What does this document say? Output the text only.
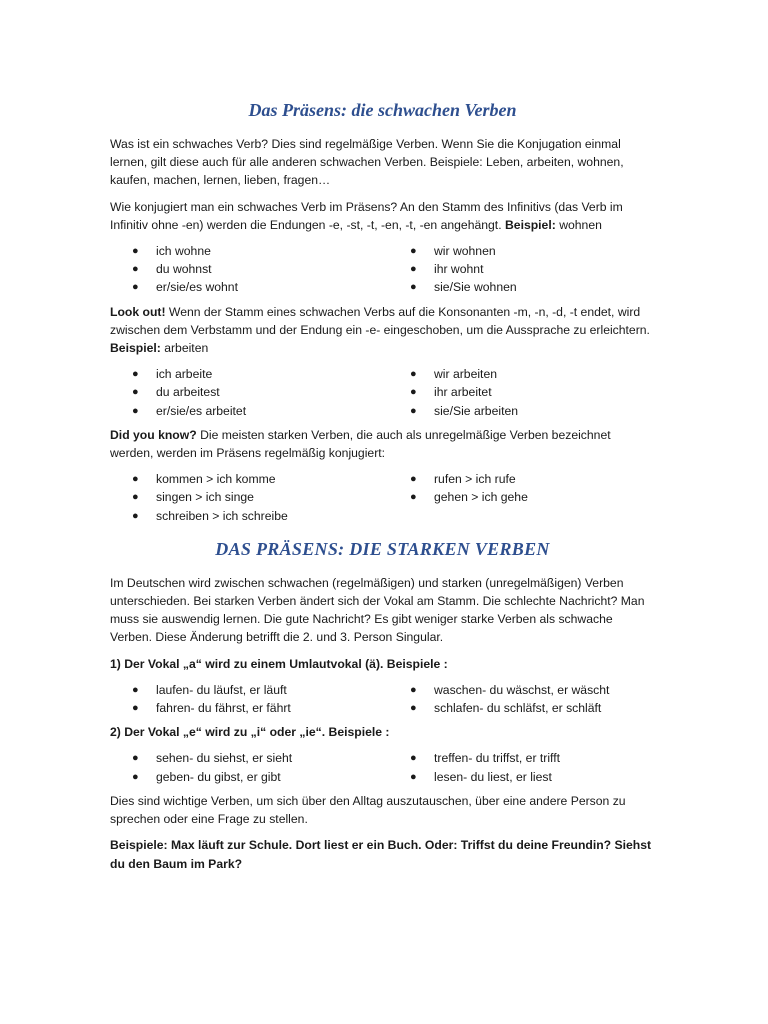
Das Präsens: die schwachen Verben

Was ist ein schwaches Verb? Dies sind regelmäßige Verben. Wenn Sie die Konjugation einmal lernen, gilt diese auch für alle anderen schwachen Verben. Beispiele: Leben, arbeiten, wohnen, kaufen, machen, lernen, lieben, fragen…

Wie konjugiert man ein schwaches Verb im Präsens? An den Stamm des Infinitivs (das Verb im Infinitiv ohne -en) werden die Endungen -e, -st, -t, -en, -t, -en angehängt. Beispiel: wohnen

● ich wohne
● du wohnst
● er/sie/es wohnt
● wir wohnen
● ihr wohnt
● sie/Sie wohnen

Look out! Wenn der Stamm eines schwachen Verbs auf die Konsonanten -m, -n, -d, -t endet, wird zwischen dem Verbstamm und der Endung ein -e- eingeschoben, um die Aussprache zu erleichtern. Beispiel: arbeiten

● ich arbeite
● du arbeitest
● er/sie/es arbeitet
● wir arbeiten
● ihr arbeitet
● sie/Sie arbeiten

Did you know? Die meisten starken Verben, die auch als unregelmäßige Verben bezeichnet werden, werden im Präsens regelmäßig konjugiert:

● kommen > ich komme
● singen > ich singe
● schreiben > ich schreibe
● rufen > ich rufe
● gehen > ich gehe
DAS PRÄSENS: DIE STARKEN VERBEN

Im Deutschen wird zwischen schwachen (regelmäßigen) und starken (unregelmäßigen) Verben unterschieden. Bei starken Verben ändert sich der Vokal am Stamm. Die schlechte Nachricht? Man muss sie auswendig lernen. Die gute Nachricht? Es gibt weniger starke Verben als schwache Verben. Diese Änderung betrifft die 2. und 3. Person Singular.

1) Der Vokal „a“ wird zu einem Umlautvokal (ä). Beispiele :

● laufen- du läufst, er läuft
● fahren- du fährst, er fährt
● waschen- du wäschst, er wäscht
● schlafen- du schläfst, er schläft

2) Der Vokal „e“ wird zu „i“ oder „ie“. Beispiele :

● sehen- du siehst, er sieht
● geben- du gibst, er gibt
● treffen- du triffst, er trifft
● lesen- du liest, er liest

Dies sind wichtige Verben, um sich über den Alltag auszutauschen, über eine andere Person zu sprechen oder eine Frage zu stellen.

Beispiele: Max läuft zur Schule. Dort liest er ein Buch. Oder: Triffst du deine Freundin? Siehst du den Baum im Park?
